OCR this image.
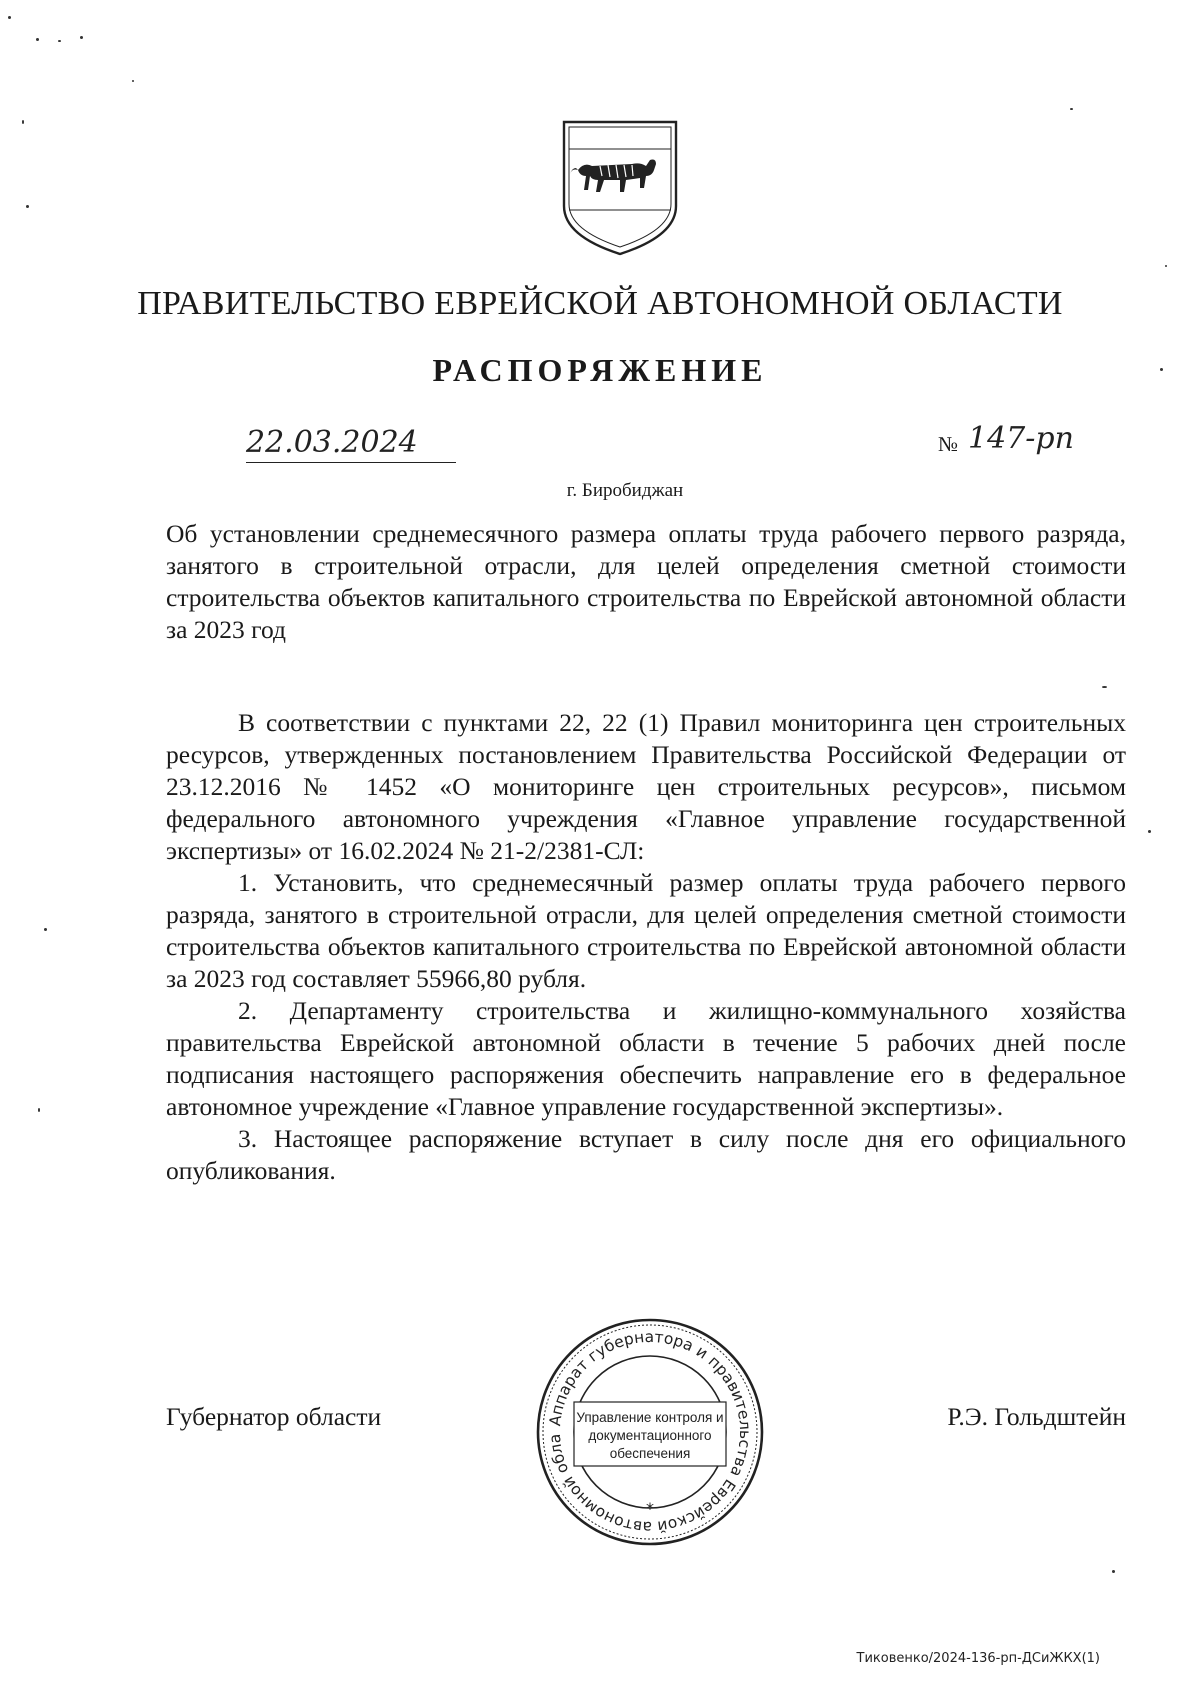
ПРАВИТЕЛЬСТВО ЕВРЕЙСКОЙ АВТОНОМНОЙ ОБЛАСТИ
РАСПОРЯЖЕНИЕ
22.03.2024	№ 147-рп
г. Биробиджан

Об установлении среднемесячного размера оплаты труда рабочего первого разряда, занятого в строительной отрасли, для целей определения сметной стоимости строительства объектов капитального строительства по Еврейской автономной области за 2023 год

В соответствии с пунктами 22, 22 (1) Правил мониторинга цен строительных ресурсов, утвержденных постановлением Правительства Российской Федерации от 23.12.2016 № 1452 «О мониторинге цен строительных ресурсов», письмом федерального автономного учреждения «Главное управление государственной экспертизы» от 16.02.2024 № 21-2/2381-СЛ:

1. Установить, что среднемесячный размер оплаты труда рабочего первого разряда, занятого в строительной отрасли, для целей определения сметной стоимости строительства объектов капитального строительства по Еврейской автономной области за 2023 год составляет 55966,80 рубля.

2. Департаменту строительства и жилищно-коммунального хозяйства правительства Еврейской автономной области в течение 5 рабочих дней после подписания настоящего распоряжения обеспечить направление его в федеральное автономное учреждение «Главное управление государственной экспертизы».

3. Настоящее распоряжение вступает в силу после дня его официального опубликования.

Губернатор области	Р.Э. Гольдштейн
Аппарат губернатора и правительства Еврейской автономной обла
*
Управление контроля и
документационного
обеспечения
Тиковенко/2024-136-рп-ДСиЖКХ(1)
